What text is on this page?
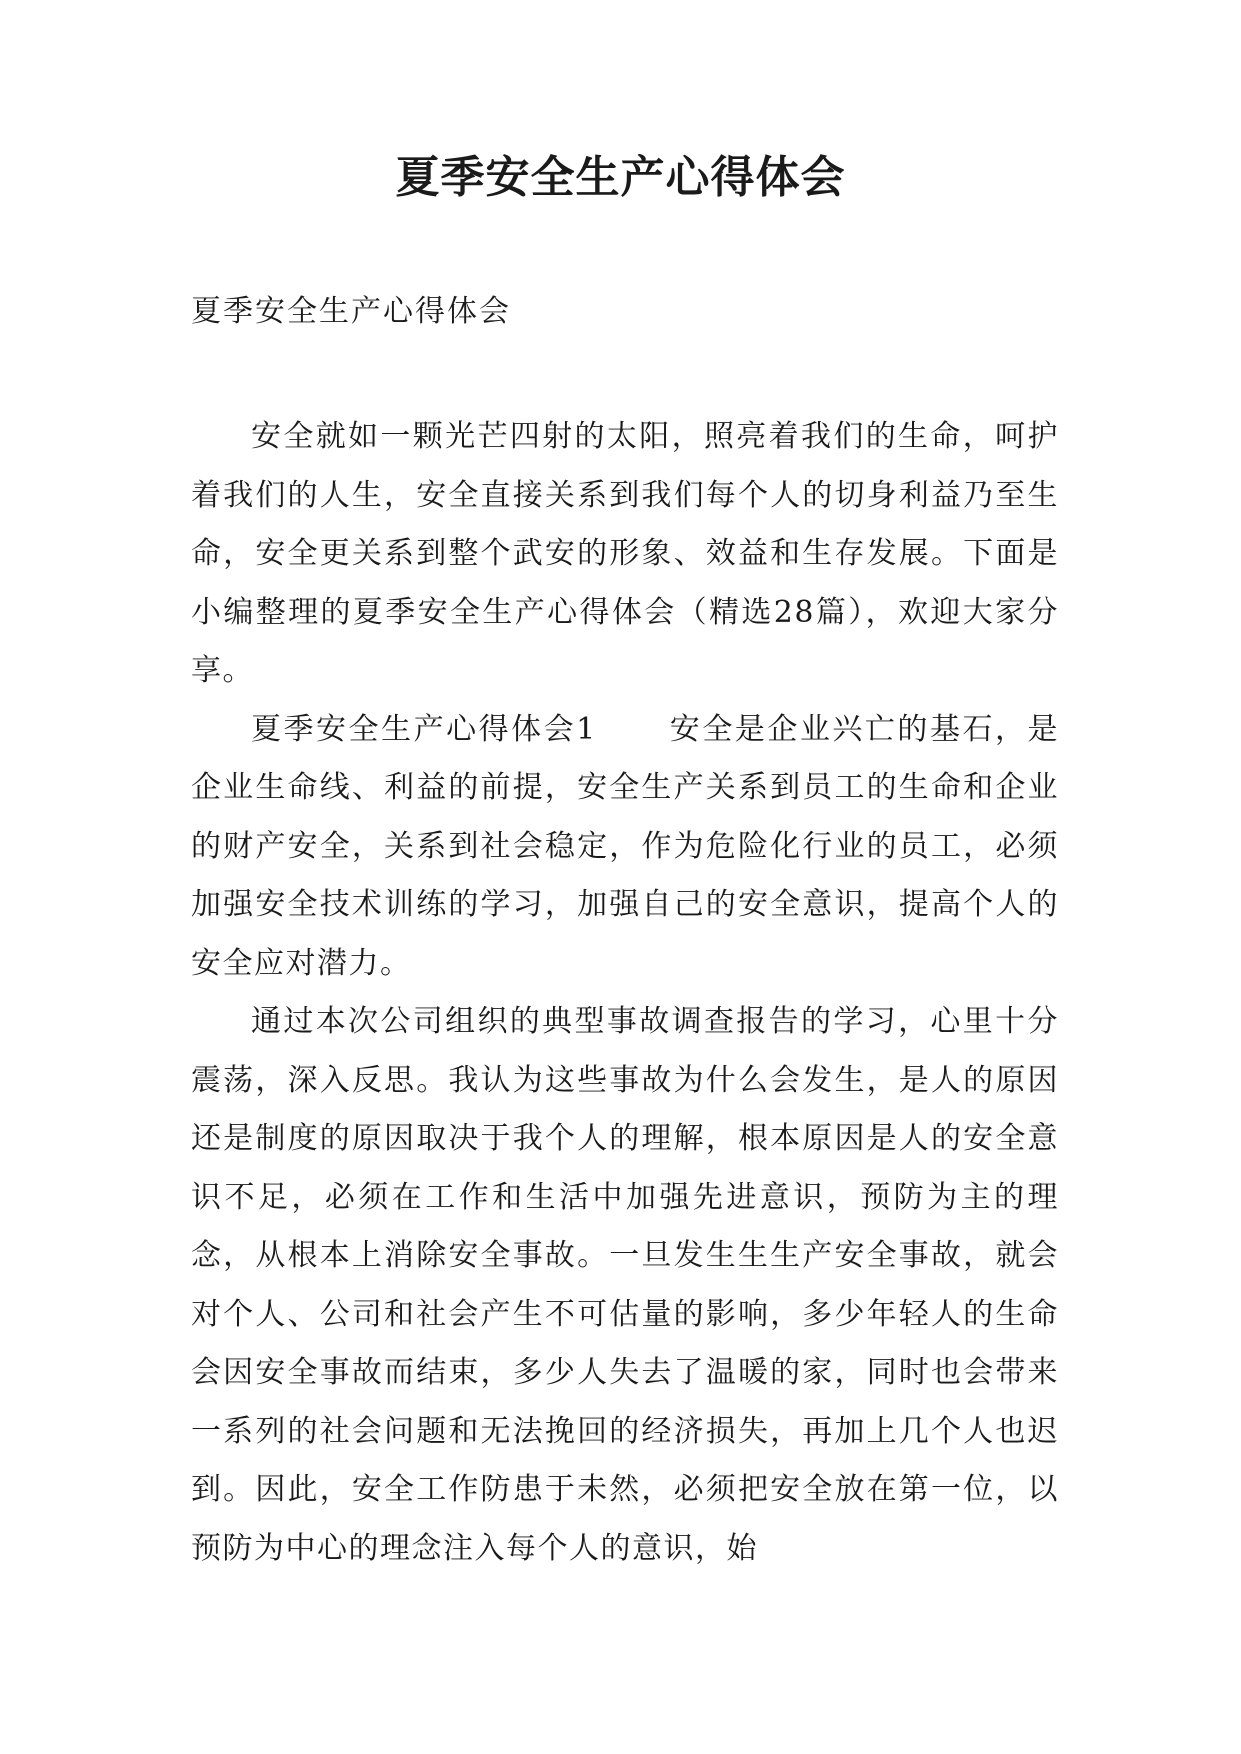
夏季安全生产心得体会

夏季安全生产心得体会

安全就如一颗光芒四射的太阳，照亮着我们的生命，呵护着我们的人生，安全直接关系到我们每个人的切身利益乃至生命，安全更关系到整个武安的形象、效益和生存发展。下面是小编整理的夏季安全生产心得体会（精选28篇），欢迎大家分享。

夏季安全生产心得体会1 安全是企业兴亡的基石，是企业生命线、利益的前提，安全生产关系到员工的生命和企业的财产安全，关系到社会稳定，作为危险化行业的员工，必须加强安全技术训练的学习，加强自己的安全意识，提高个人的安全应对潜力。

通过本次公司组织的典型事故调查报告的学习，心里十分震荡，深入反思。我认为这些事故为什么会发生，是人的原因还是制度的原因取决于我个人的理解，根本原因是人的安全意识不足，必须在工作和生活中加强先进意识，预防为主的理念，从根本上消除安全事故。一旦发生生生产安全事故，就会对个人、公司和社会产生不可估量的影响，多少年轻人的生命会因安全事故而结束，多少人失去了温暖的家，同时也会带来一系列的社会问题和无法挽回的经济损失，再加上几个人也迟到。因此，安全工作防患于未然，必须把安全放在第一位，以预防为中心的理念注入每个人的意识，始
